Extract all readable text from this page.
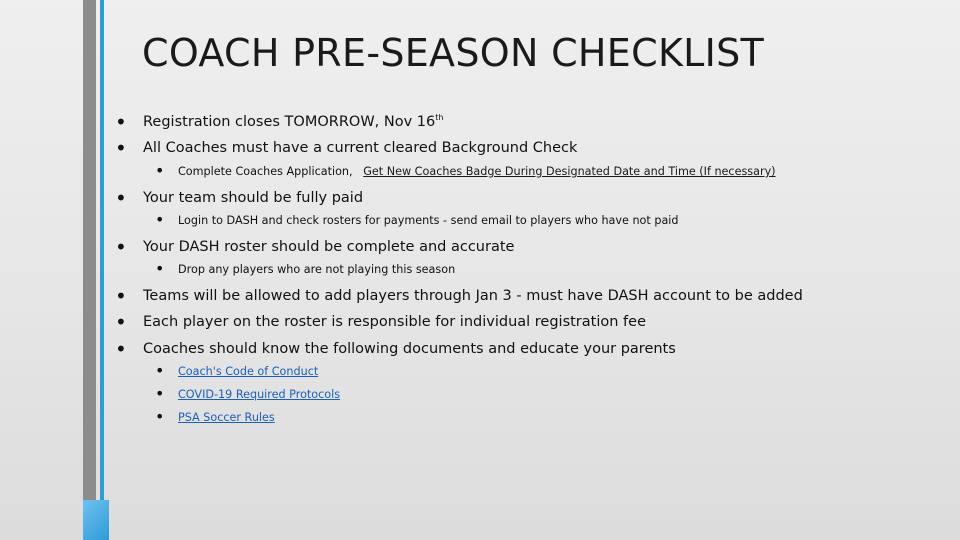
COACH PRE-SEASON CHECKLIST
• Registration closes TOMORROW, Nov 16th
• All Coaches must have a current cleared Background Check
• Complete Coaches Application, Get New Coaches Badge During Designated Date and Time (If necessary)
• Your team should be fully paid
• Login to DASH and check rosters for payments - send email to players who have not paid
• Your DASH roster should be complete and accurate
• Drop any players who are not playing this season
• Teams will be allowed to add players through Jan 3 - must have DASH account to be added
• Each player on the roster is responsible for individual registration fee
• Coaches should know the following documents and educate your parents
• Coach's Code of Conduct
• COVID-19 Required Protocols
• PSA Soccer Rules
